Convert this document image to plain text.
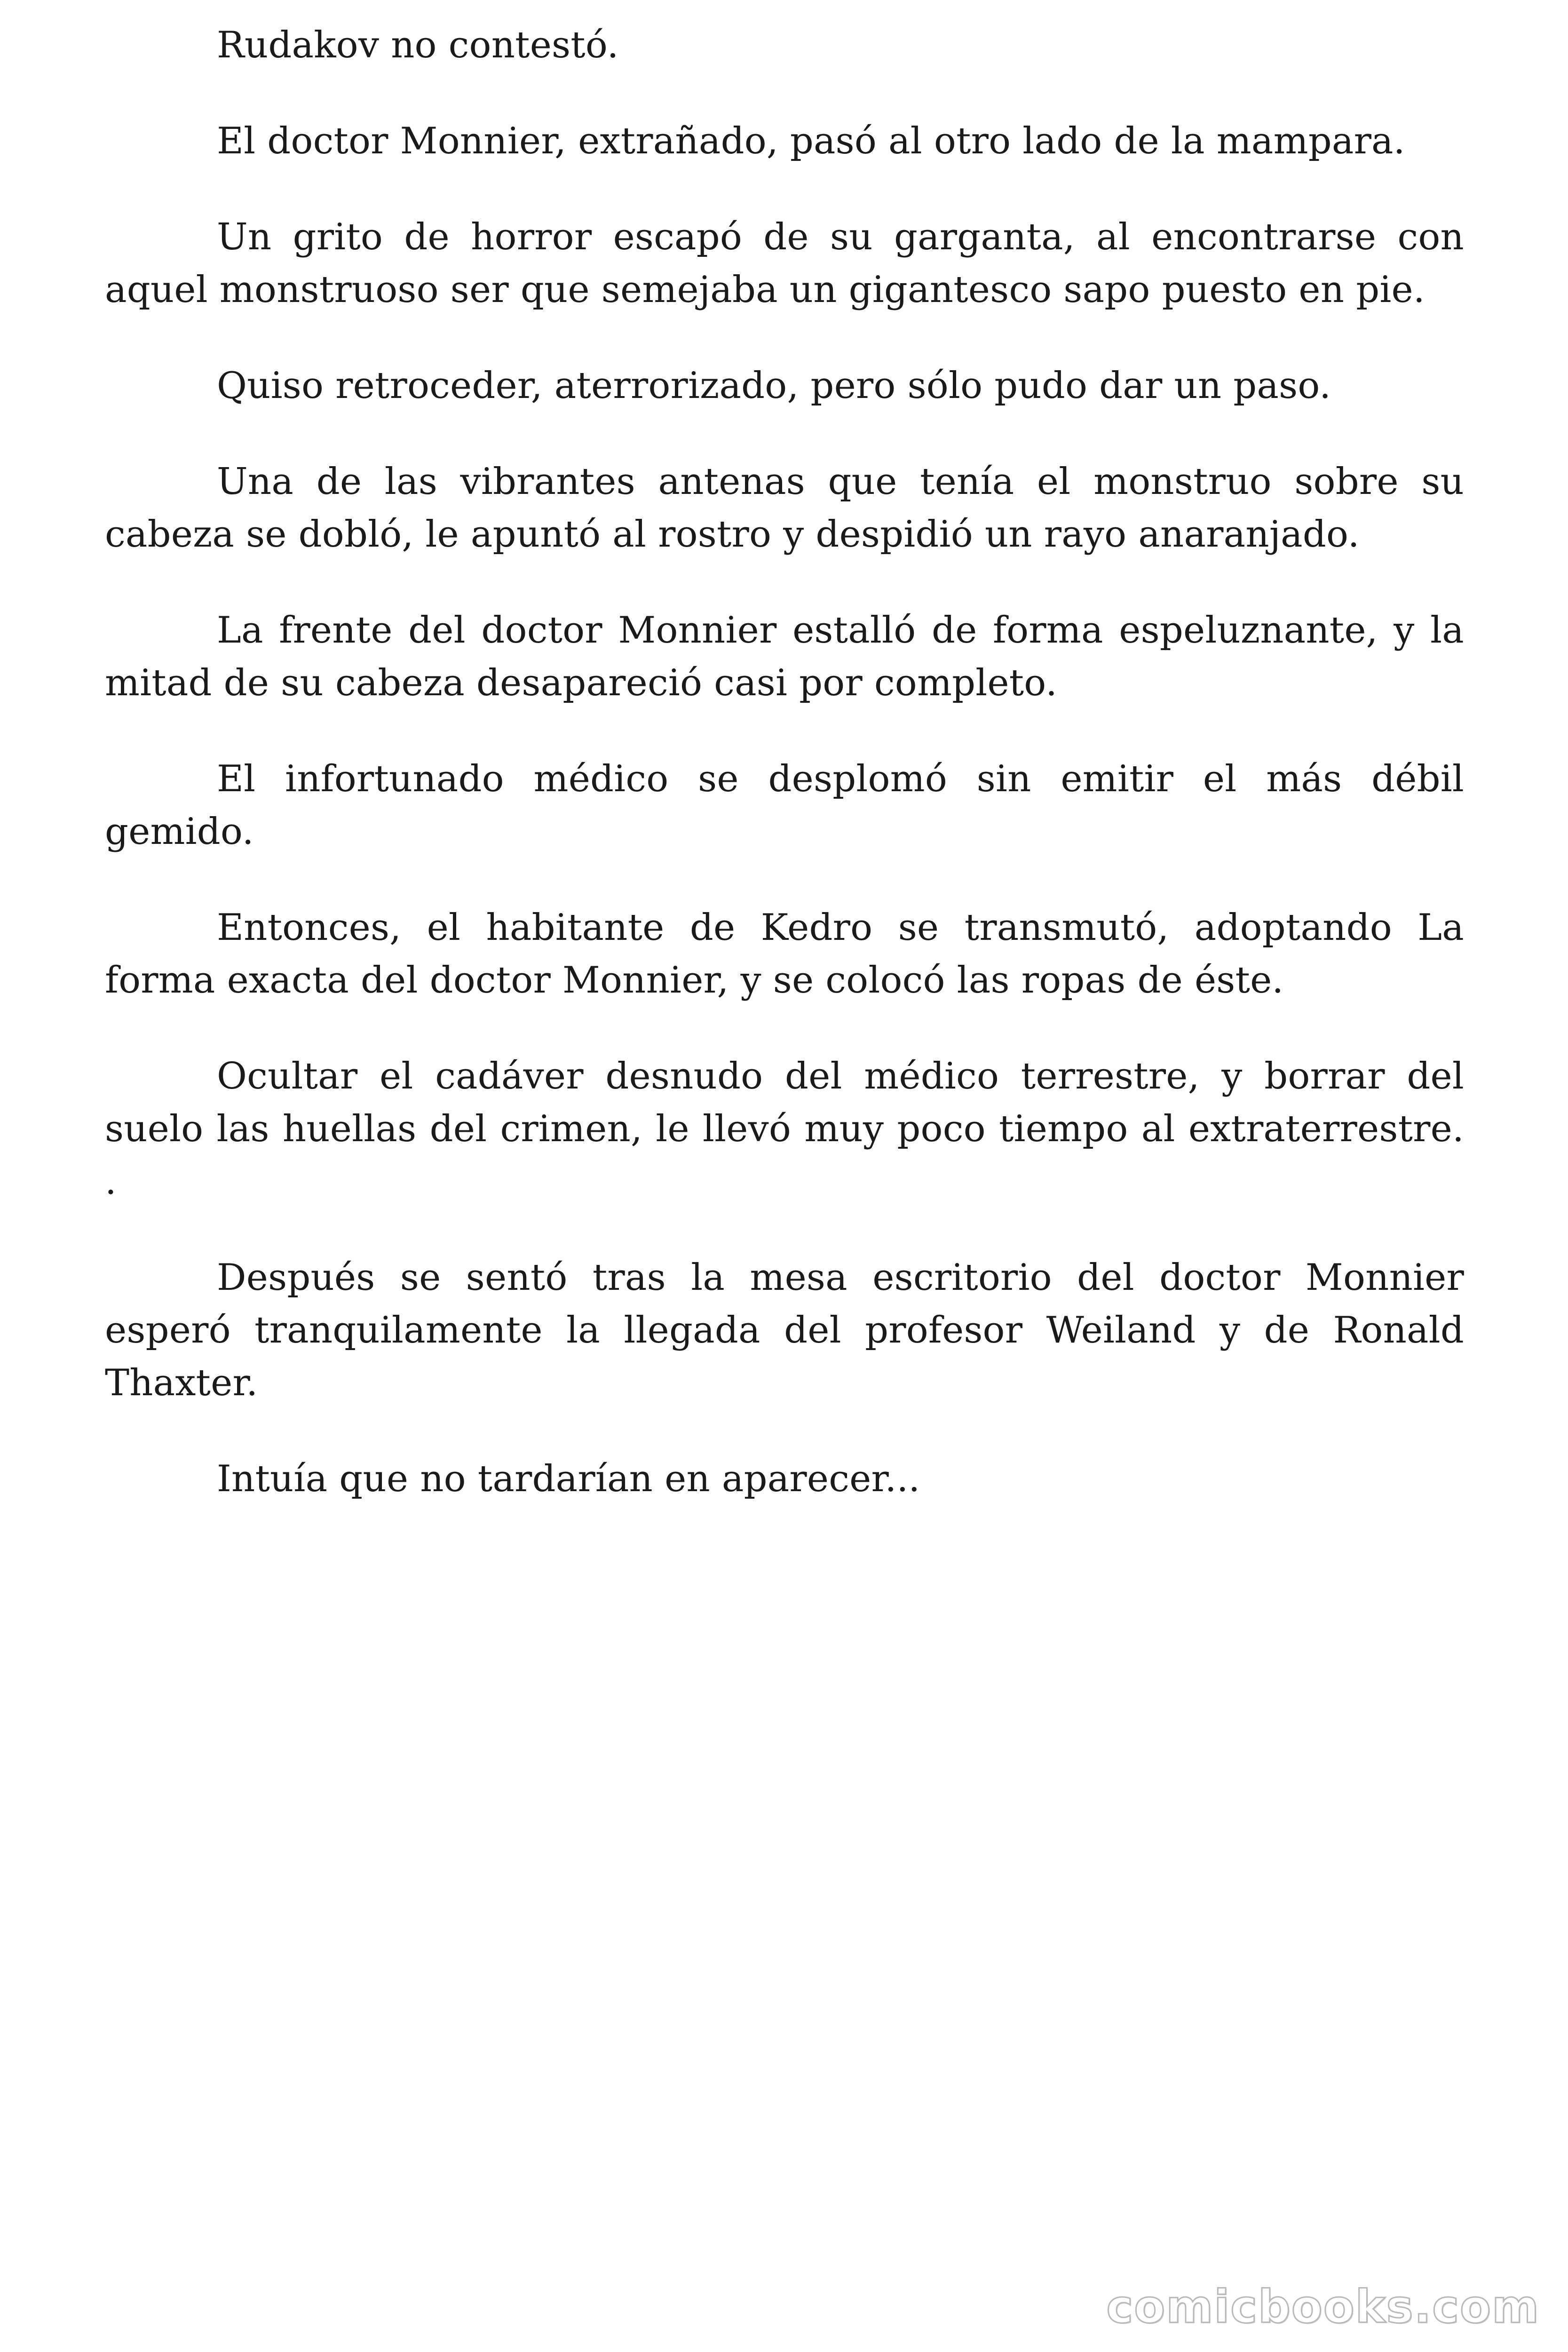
Rudakov no contestó.

El doctor Monnier, extrañado, pasó al otro lado de la mampara.

Un grito de horror escapó de su garganta, al encontrarse con aquel monstruoso ser que semejaba un gigantesco sapo puesto en pie.

Quiso retroceder, aterrorizado, pero sólo pudo dar un paso.

Una de las vibrantes antenas que tenía el monstruo sobre su cabeza se dobló, le apuntó al rostro y despidió un rayo anaranjado.

La frente del doctor Monnier estalló de forma espeluznante, y la mitad de su cabeza desapareció casi por completo.

El infortunado médico se desplomó sin emitir el más débil gemido.

Entonces, el habitante de Kedro se transmutó, adoptando La forma exacta del doctor Monnier, y se colocó las ropas de éste.

Ocultar el cadáver desnudo del médico terrestre, y borrar del suelo las huellas del crimen, le llevó muy poco tiempo al extraterrestre. .

Después se sentó tras la mesa escritorio del doctor Monnier esperó tranquilamente la llegada del profesor Weiland y de Ronald Thaxter.

Intuía que no tardarían en aparecer...

comicbooks.com
